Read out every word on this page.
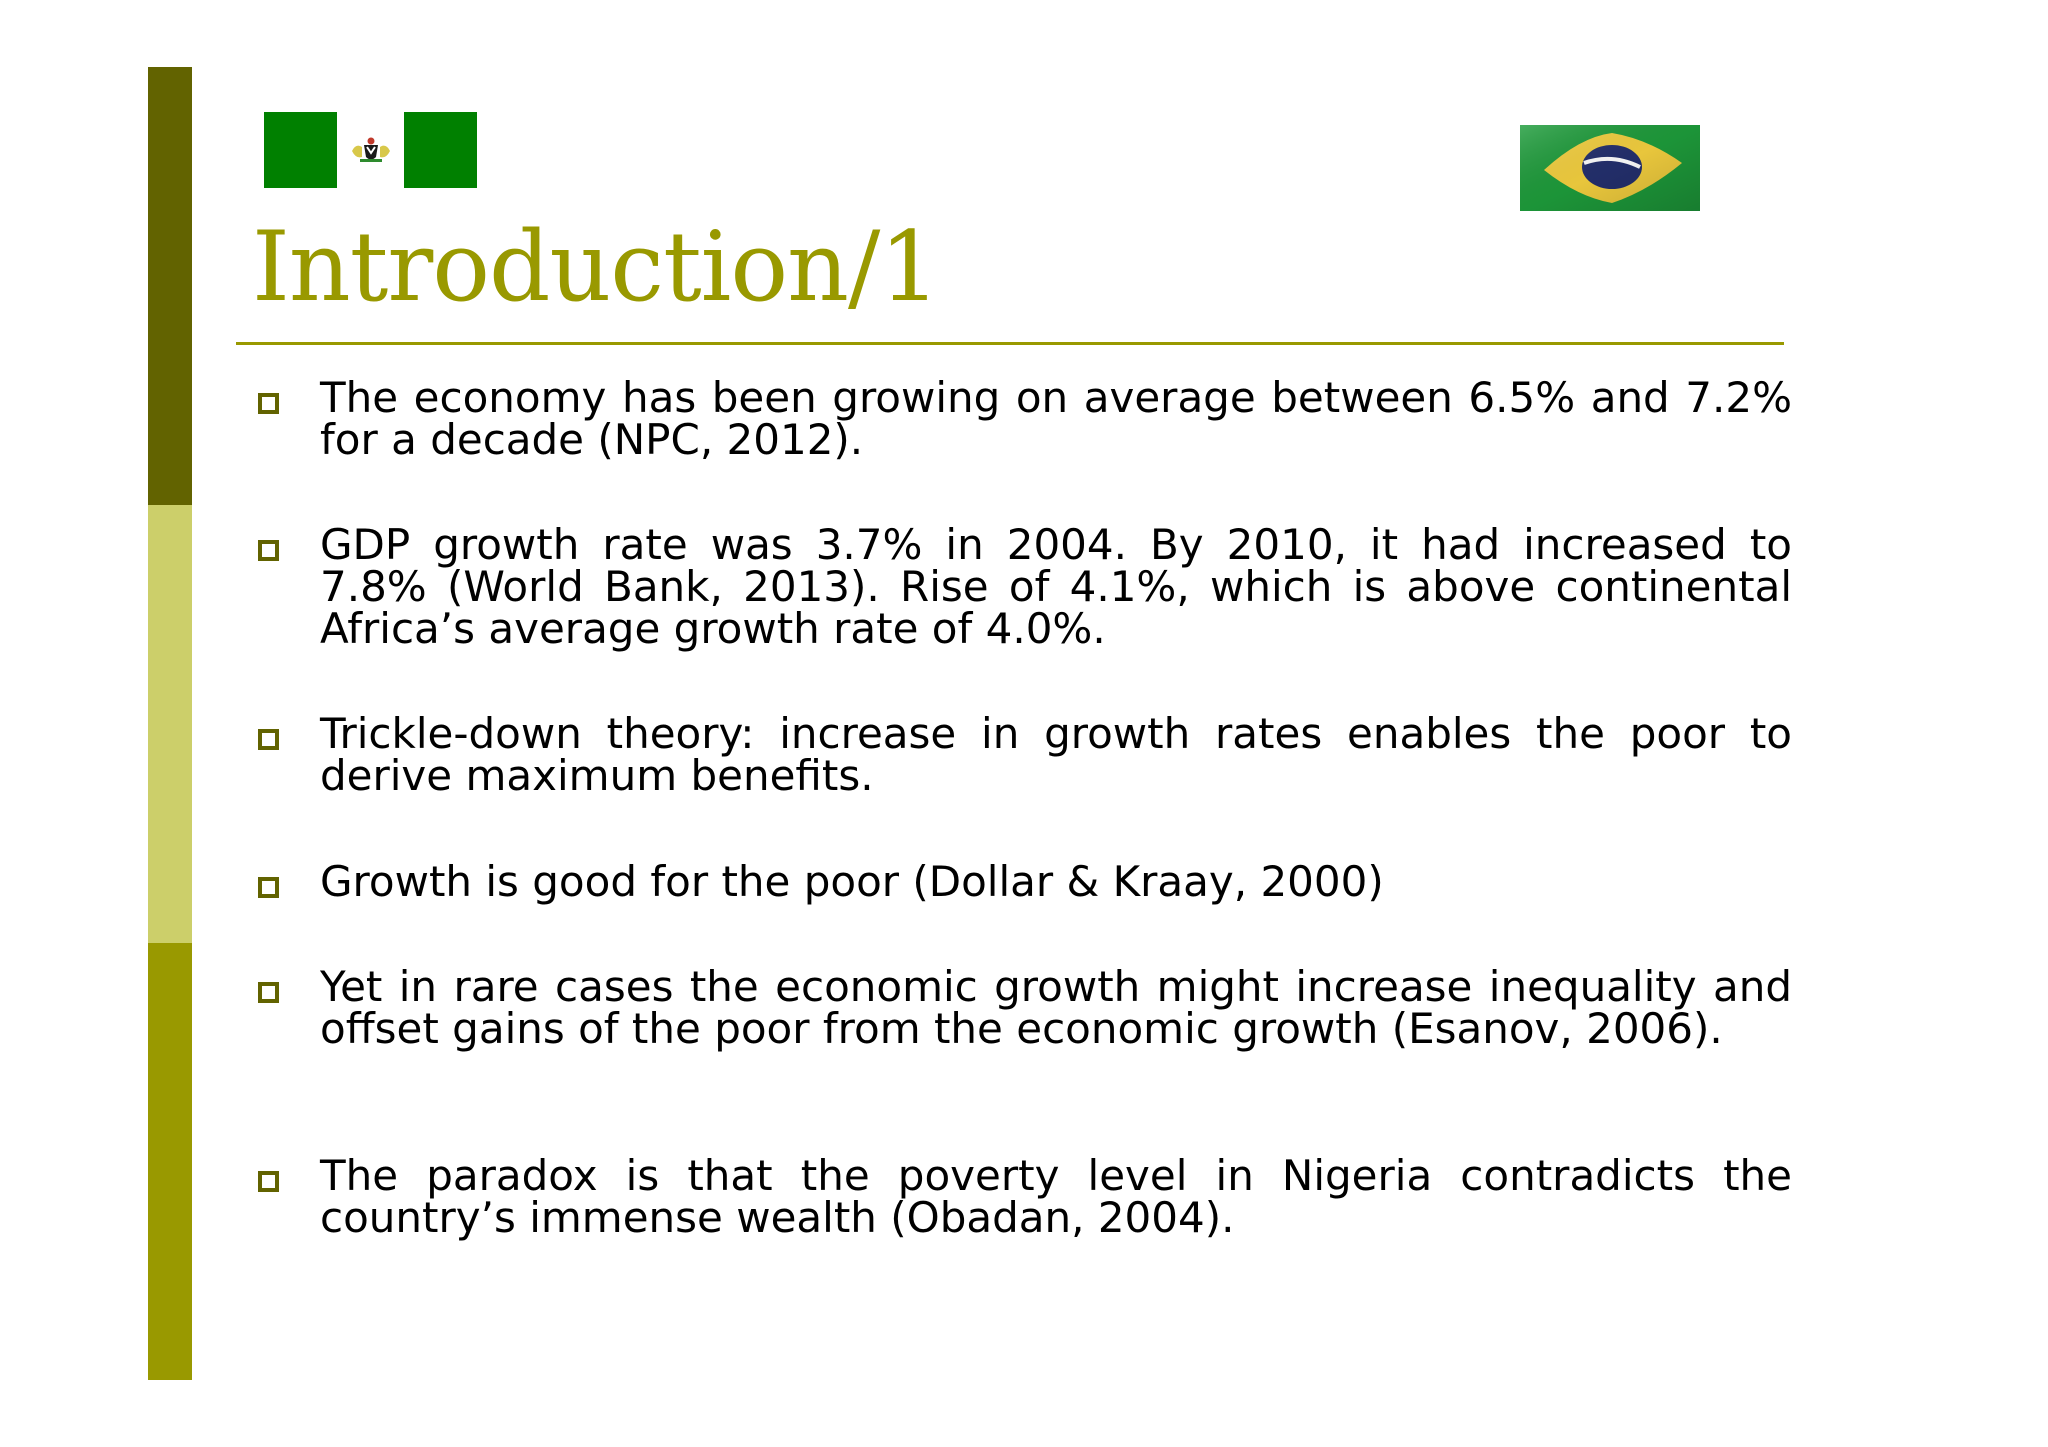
Introduction/1
The economy has been growing on average between 6.5% and 7.2% for a decade (NPC, 2012).
GDP growth rate was 3.7% in 2004. By 2010, it had increased to 7.8% (World Bank, 2013). Rise of 4.1%, which is above continental Africa’s average growth rate of 4.0%.
Trickle-down theory: increase in growth rates enables the poor to derive maximum benefits.
Growth is good for the poor (Dollar & Kraay, 2000)
Yet in rare cases the economic growth might increase inequality and offset gains of the poor from the economic growth (Esanov, 2006).
The paradox is that the poverty level in Nigeria contradicts the country’s immense wealth (Obadan, 2004).
